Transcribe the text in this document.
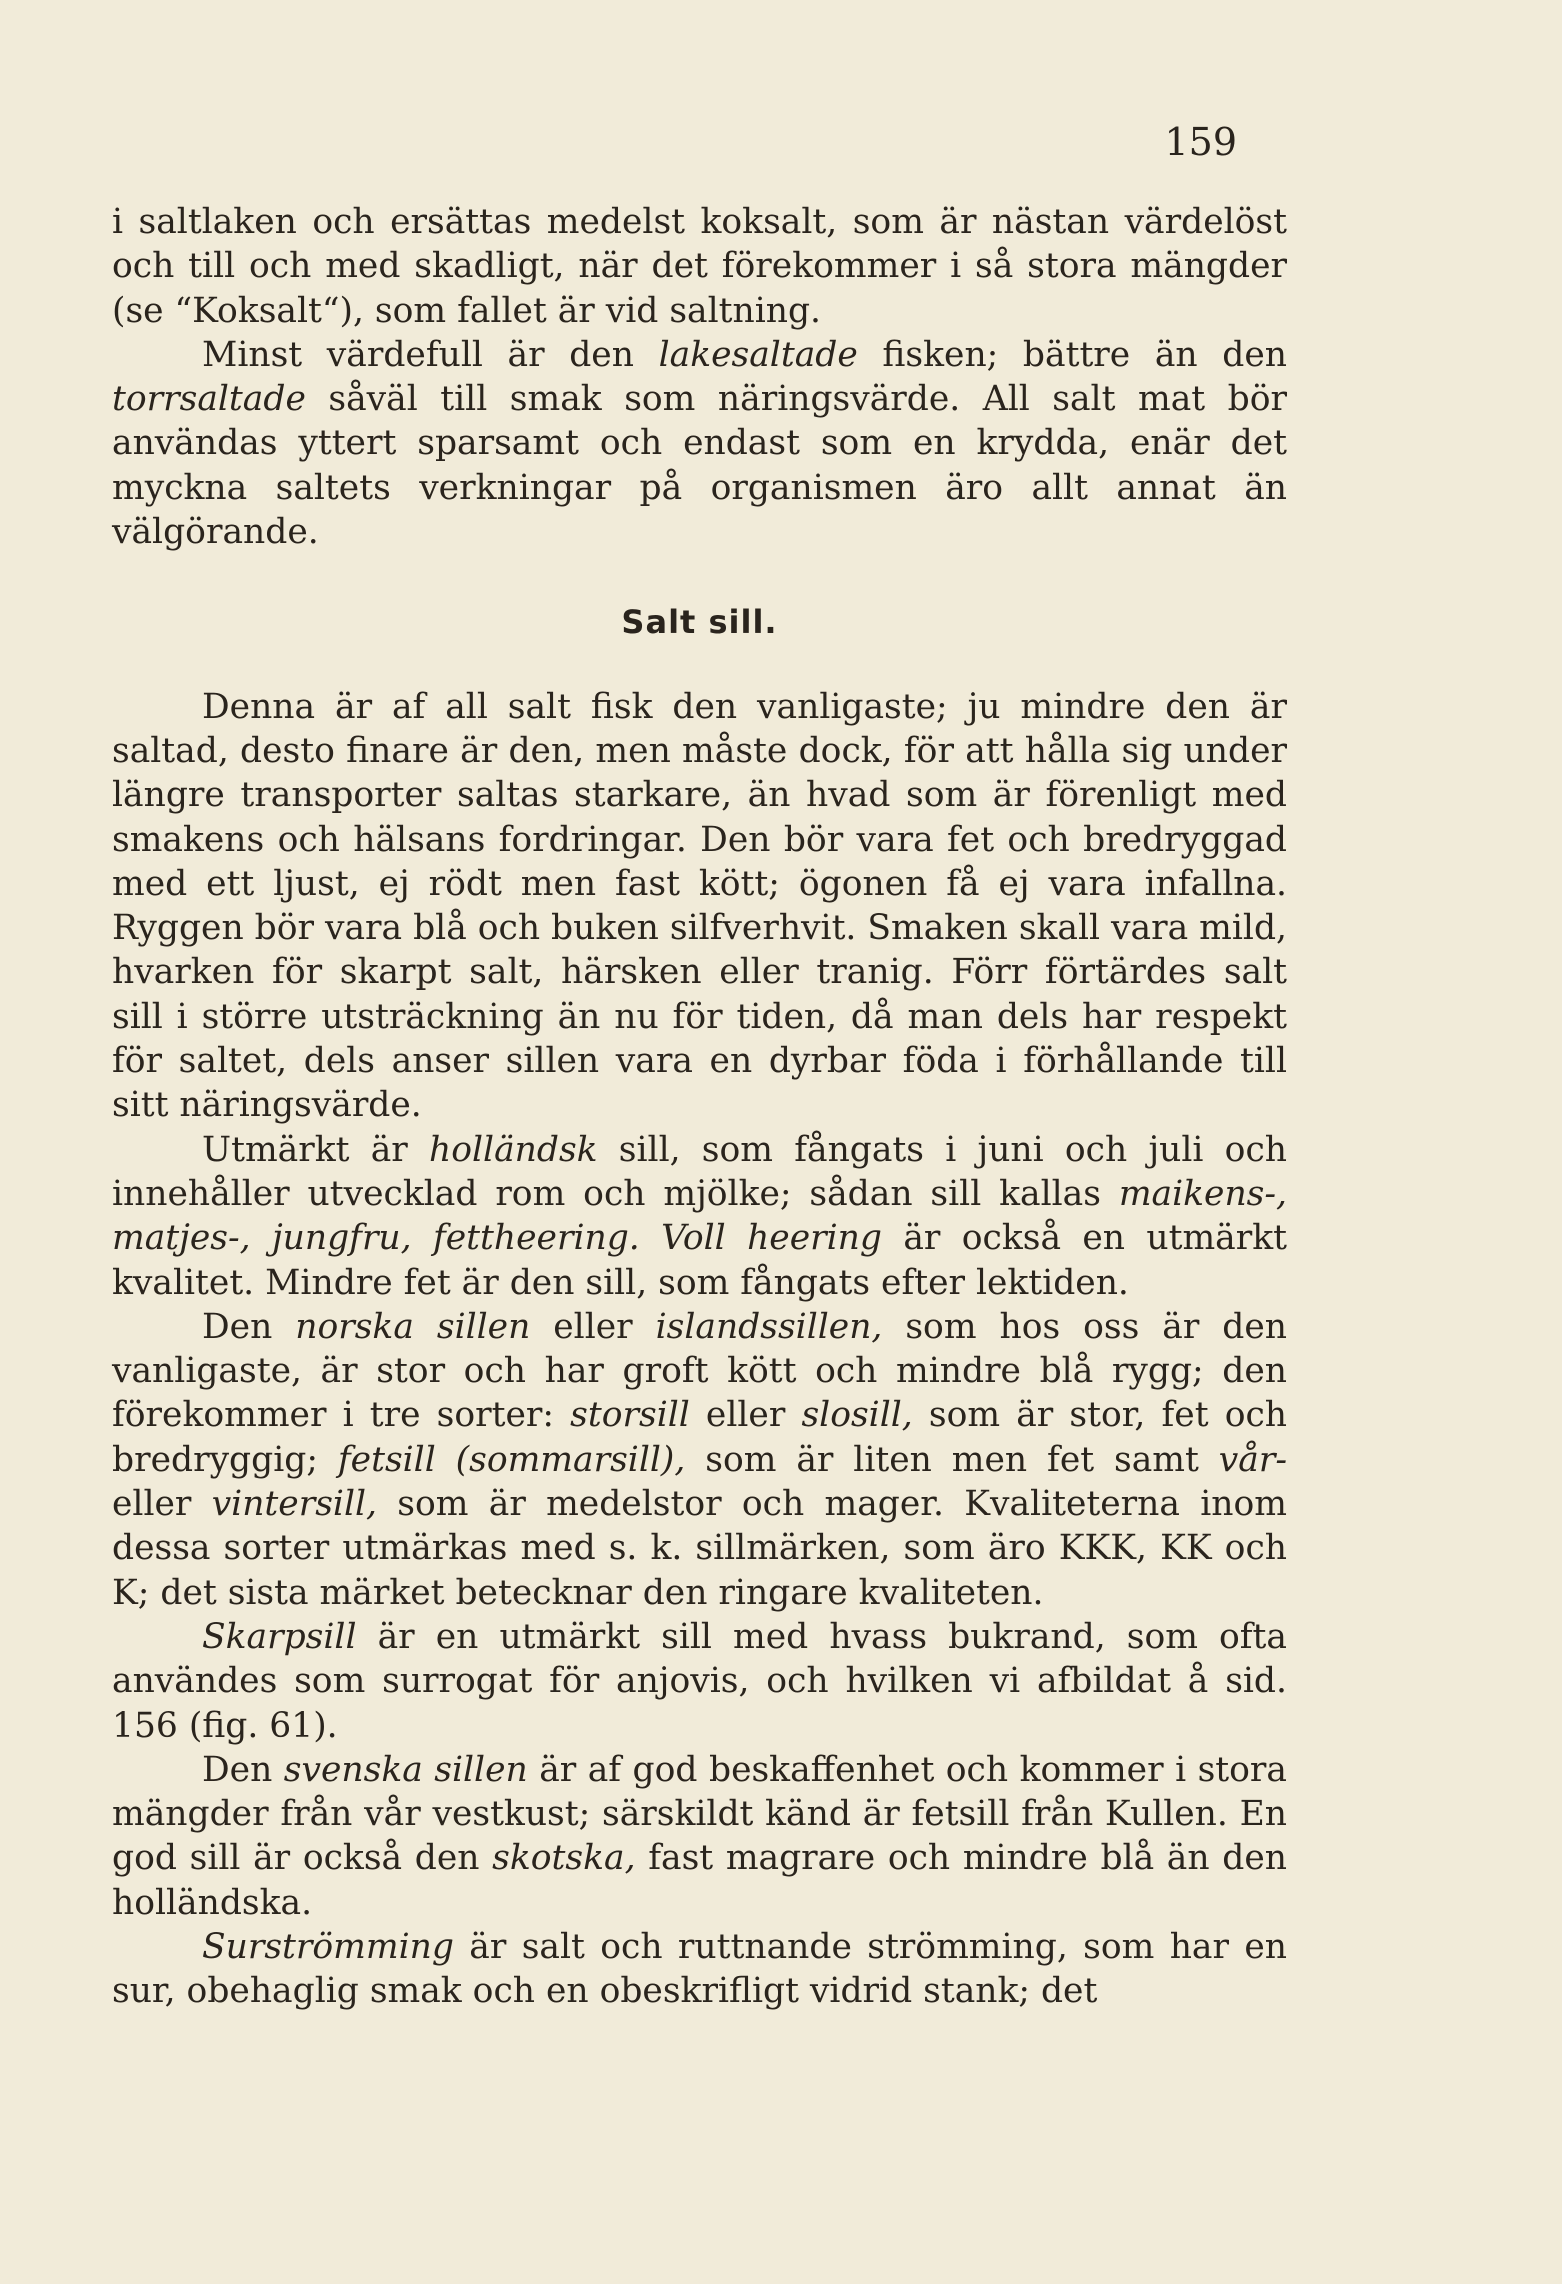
159

i saltlaken och ersättas medelst koksalt, som är nästan värdelöst och till och med skadligt, när det förekommer i så stora mängder (se “Koksalt“), som fallet är vid saltning.

Minst värdefull är den lakesaltade fisken; bättre än den torrsaltade såväl till smak som näringsvärde. All salt mat bör användas yttert sparsamt och endast som en krydda, enär det myckna saltets verkningar på organismen äro allt annat än välgörande.

Salt sill.

Denna är af all salt fisk den vanligaste; ju mindre den är saltad, desto finare är den, men måste dock, för att hålla sig under längre transporter saltas starkare, än hvad som är förenligt med smakens och hälsans fordringar. Den bör vara fet och bredryggad med ett ljust, ej rödt men fast kött; ögonen få ej vara infallna. Ryggen bör vara blå och buken silfverhvit. Smaken skall vara mild, hvarken för skarpt salt, härsken eller tranig. Förr förtärdes salt sill i större utsträckning än nu för tiden, då man dels har respekt för saltet, dels anser sillen vara en dyrbar föda i förhållande till sitt näringsvärde.

Utmärkt är holländsk sill, som fångats i juni och juli och innehåller utvecklad rom och mjölke; sådan sill kallas maikens-, matjes-, jungfru, fettheering. Voll heering är också en utmärkt kvalitet. Mindre fet är den sill, som fångats efter lektiden.

Den norska sillen eller islandssillen, som hos oss är den vanligaste, är stor och har groft kött och mindre blå rygg; den förekommer i tre sorter: storsill eller slosill, som är stor, fet och bredryggig; fetsill (sommarsill), som är liten men fet samt vår- eller vintersill, som är medelstor och mager. Kvaliteterna inom dessa sorter utmärkas med s. k. sillmärken, som äro KKK, KK och K; det sista märket betecknar den ringare kvaliteten.

Skarpsill är en utmärkt sill med hvass bukrand, som ofta användes som surrogat för anjovis, och hvilken vi afbildat å sid. 156 (fig. 61).

Den svenska sillen är af god beskaffenhet och kommer i stora mängder från vår vestkust; särskildt känd är fetsill från Kullen. En god sill är också den skotska, fast magrare och mindre blå än den holländska.

Surströmming är salt och ruttnande strömming, som har en sur, obehaglig smak och en obeskrifligt vidrid stank; det
